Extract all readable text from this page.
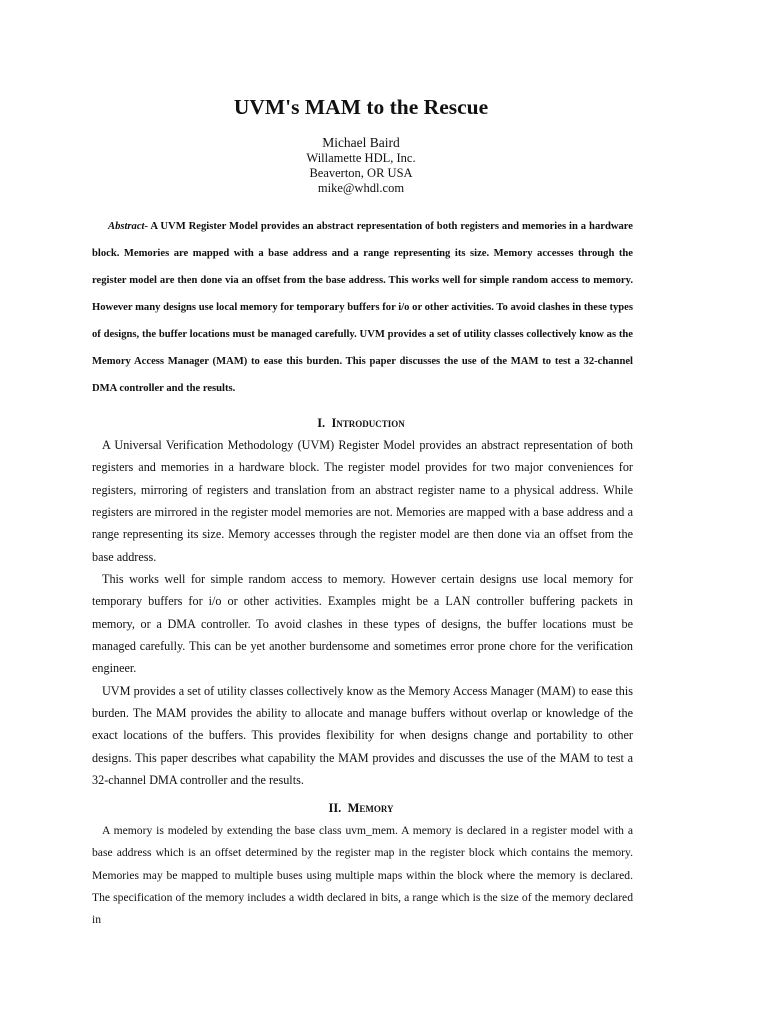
UVM's MAM to the Rescue

Michael Baird

Willamette HDL, Inc.

Beaverton, OR USA

mike@whdl.com

Abstract- A UVM Register Model provides an abstract representation of both registers and memories in a hardware block. Memories are mapped with a base address and a range representing its size. Memory accesses through the register model are then done via an offset from the base address. This works well for simple random access to memory. However many designs use local memory for temporary buffers for i/o or other activities. To avoid clashes in these types of designs, the buffer locations must be managed carefully. UVM provides a set of utility classes collectively know as the Memory Access Manager (MAM) to ease this burden. This paper discusses the use of the MAM to test a 32-channel DMA controller and the results.

I. Introduction

A Universal Verification Methodology (UVM) Register Model provides an abstract representation of both registers and memories in a hardware block. The register model provides for two major conveniences for registers, mirroring of registers and translation from an abstract register name to a physical address. While registers are mirrored in the register model memories are not. Memories are mapped with a base address and a range representing its size. Memory accesses through the register model are then done via an offset from the base address.

This works well for simple random access to memory. However certain designs use local memory for temporary buffers for i/o or other activities. Examples might be a LAN controller buffering packets in memory, or a DMA controller. To avoid clashes in these types of designs, the buffer locations must be managed carefully. This can be yet another burdensome and sometimes error prone chore for the verification engineer.

UVM provides a set of utility classes collectively know as the Memory Access Manager (MAM) to ease this burden. The MAM provides the ability to allocate and manage buffers without overlap or knowledge of the exact locations of the buffers. This provides flexibility for when designs change and portability to other designs. This paper describes what capability the MAM provides and discusses the use of the MAM to test a 32-channel DMA controller and the results.

II. Memory

A memory is modeled by extending the base class uvm_mem. A memory is declared in a register model with a base address which is an offset determined by the register map in the register block which contains the memory. Memories may be mapped to multiple buses using multiple maps within the block where the memory is declared. The specification of the memory includes a width declared in bits, a range which is the size of the memory declared in
